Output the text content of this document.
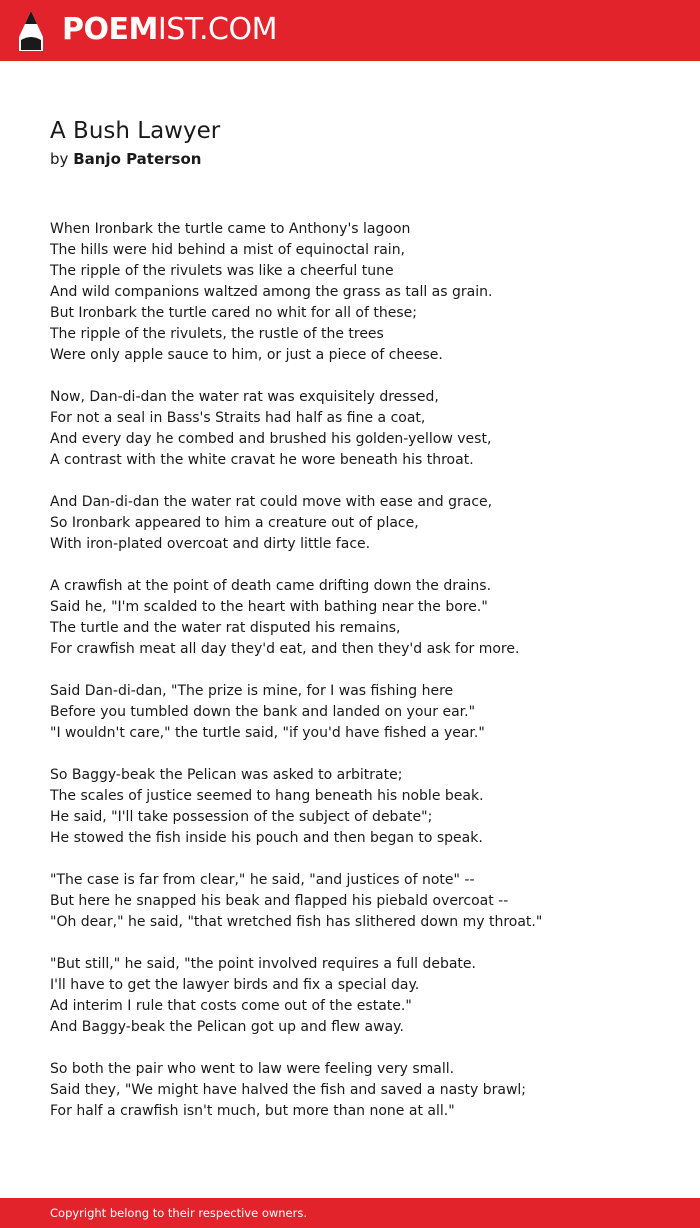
POEMIST.COM
A Bush Lawyer
by Banjo Paterson
When Ironbark the turtle came to Anthony's lagoon
The hills were hid behind a mist of equinoctal rain,
The ripple of the rivulets was like a cheerful tune
And wild companions waltzed among the grass as tall as grain.
But Ironbark the turtle cared no whit for all of these;
The ripple of the rivulets, the rustle of the trees
Were only apple sauce to him, or just a piece of cheese.
Now, Dan-di-dan the water rat was exquisitely dressed,
For not a seal in Bass's Straits had half as fine a coat,
And every day he combed and brushed his golden-yellow vest,
A contrast with the white cravat he wore beneath his throat.
And Dan-di-dan the water rat could move with ease and grace,
So Ironbark appeared to him a creature out of place,
With iron-plated overcoat and dirty little face.
A crawfish at the point of death came drifting down the drains.
Said he, "I'm scalded to the heart with bathing near the bore."
The turtle and the water rat disputed his remains,
For crawfish meat all day they'd eat, and then they'd ask for more.
Said Dan-di-dan, "The prize is mine, for I was fishing here
Before you tumbled down the bank and landed on your ear."
"I wouldn't care," the turtle said, "if you'd have fished a year."
So Baggy-beak the Pelican was asked to arbitrate;
The scales of justice seemed to hang beneath his noble beak.
He said, "I'll take possession of the subject of debate";
He stowed the fish inside his pouch and then began to speak.
"The case is far from clear," he said, "and justices of note" --
But here he snapped his beak and flapped his piebald overcoat --
"Oh dear," he said, "that wretched fish has slithered down my throat."
"But still," he said, "the point involved requires a full debate.
I'll have to get the lawyer birds and fix a special day.
Ad interim I rule that costs come out of the estate."
And Baggy-beak the Pelican got up and flew away.
So both the pair who went to law were feeling very small.
Said they, "We might have halved the fish and saved a nasty brawl;
For half a crawfish isn't much, but more than none at all."
Copyright belong to their respective owners.
